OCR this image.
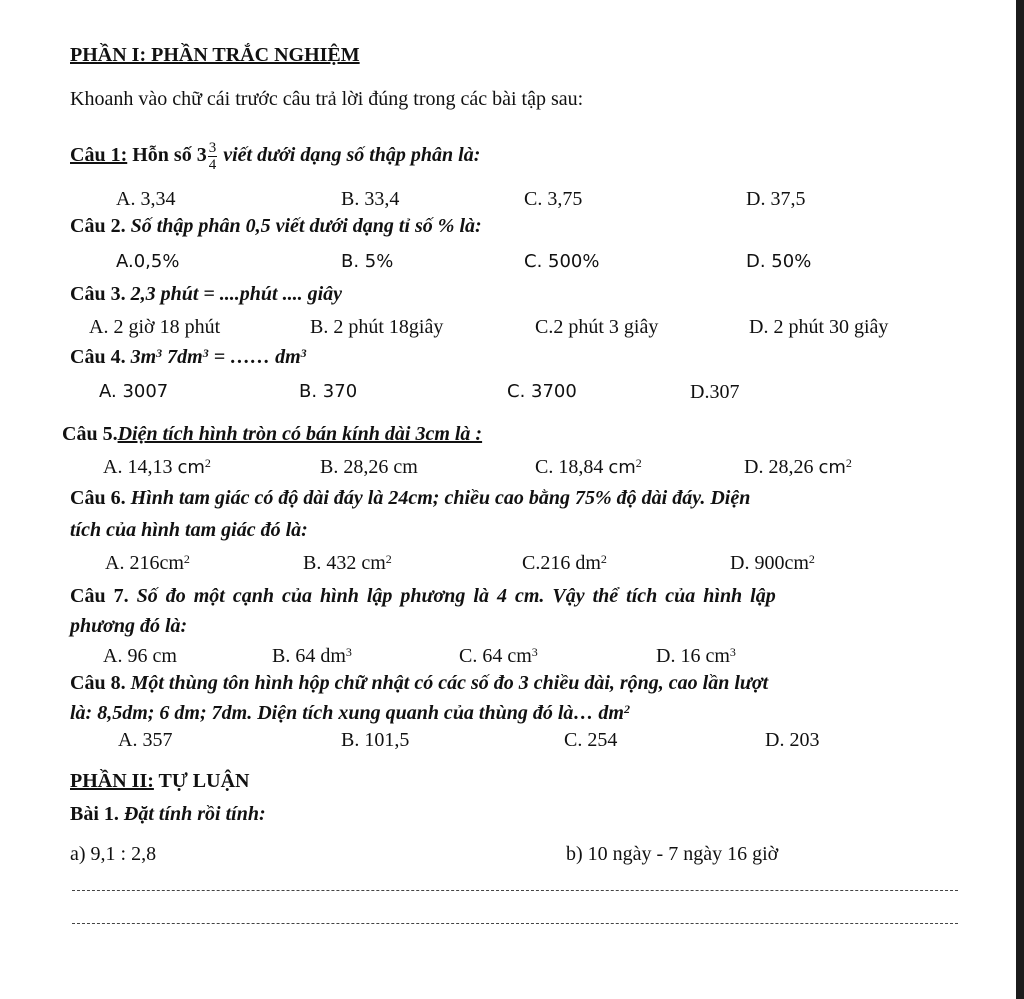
PHẦN I: PHẦN TRẮC NGHIỆM
Khoanh vào chữ cái trước câu trả lời đúng trong các bài tập sau:
Câu 1: Hỗn số $3 \frac{3}{4}$ viết dưới dạng số thập phân là:
A. 3,34	B. 33,4	C. 3,75	D. 37,5
Câu 2. Số thập phân 0,5 viết dưới dạng tỉ số % là:
A.0,5%	B. 5%	C. 500%	D. 50%
Câu 3. 2,3 phút = ....phút .... giây
A. 2 giờ 18 phút	B. 2 phút 18giây	C.2 phút 3 giây	D. 2 phút 30 giây
Câu 4. $3m^3$ $7dm^3$ = …… $dm^3$
A. 3007	B. 370	C. 3700	D.307
Câu 5.Diện tích hình tròn có bán kính dài 3cm là :
A. 14,13 $cm^2$	B. 28,26 cm	C. 18,84 $cm^2$	D. 28,26 $cm^2$
Câu 6. Hình tam giác có độ dài đáy là 24cm; chiều cao bằng 75% độ dài đáy. Diện
tích của hình tam giác đó là:
A. $216cm^2$	B. 432 $cm^2$	C.216 $dm^2$	D. $900cm^2$
Câu 7. Số đo một cạnh của hình lập phương là 4 cm. Vậy thể tích của hình lập
phương đó là:
A. 96 cm	B. 64 $dm^3$	C. 64 $cm^3$	D. 16 $cm^3$
Câu 8. Một thùng tôn hình hộp chữ nhật có các số đo 3 chiều dài, rộng, cao lần lượt
là: 8,5dm; 6 dm; 7dm. Diện tích xung quanh của thùng đó là… $dm^2$
A. 357	B. 101,5	C. 254	D. 203
PHẦN II: TỰ LUẬN
Bài 1. Đặt tính rồi tính:
a) 9,1 : 2,8	b) 10 ngày - 7 ngày 16 giờ
